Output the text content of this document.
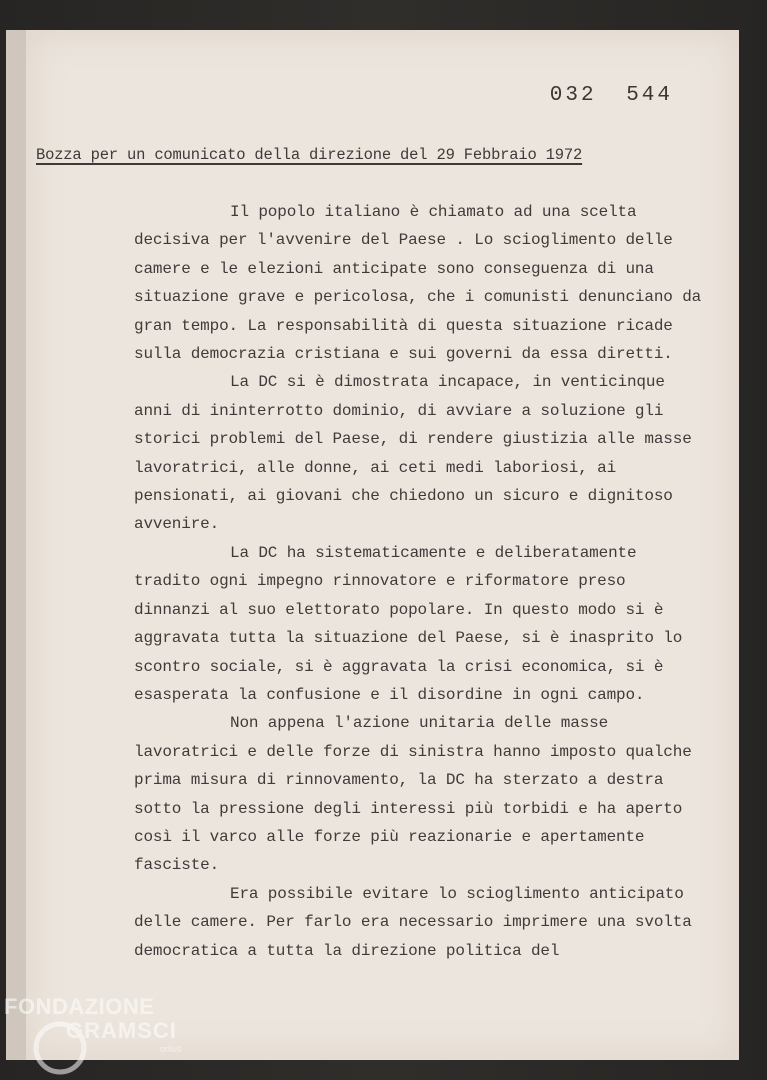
032 544
Bozza per un comunicato della direzione del 29 Febbraio 1972

Il popolo italiano è chiamato ad una scelta decisiva per l'avvenire del Paese . Lo scioglimento delle camere e le elezioni anticipate sono conseguenza di una situazione grave e pericolosa, che i comunisti denunciano da gran tempo. La responsabilità di questa situazione ricade sulla democrazia cristiana e sui governi da essa diretti.

La DC si è dimostrata incapace, in venticinque anni di ininterrotto dominio, di avviare a soluzione gli storici problemi del Paese, di rendere giustizia alle masse lavoratrici, alle donne, ai ceti medi laboriosi, ai pensionati, ai giovani che chiedono un sicuro e dignitoso avvenire.

La DC ha sistematicamente e deliberatamente tradito ogni impegno rinnovatore e riformatore preso dinnanzi al suo elettorato popolare. In questo modo si è aggravata tutta la situazione del Paese, si è inasprito lo scontro sociale, si è aggravata la crisi economica, si è esasperata la confusione e il disordine in ogni campo.

Non appena l'azione unitaria delle masse lavoratrici e delle forze di sinistra hanno imposto qualche prima misura di rinnovamento, la DC ha sterzato a destra sotto la pressione degli interessi più torbidi e ha aperto così il varco alle forze più reazionarie e apertamente fasciste.

Era possibile evitare lo scioglimento anticipato delle camere. Per farlo era necessario imprimere una svolta democratica a tutta la direzione politica del

FONDAZIONE
GRAMSCI
onlus
